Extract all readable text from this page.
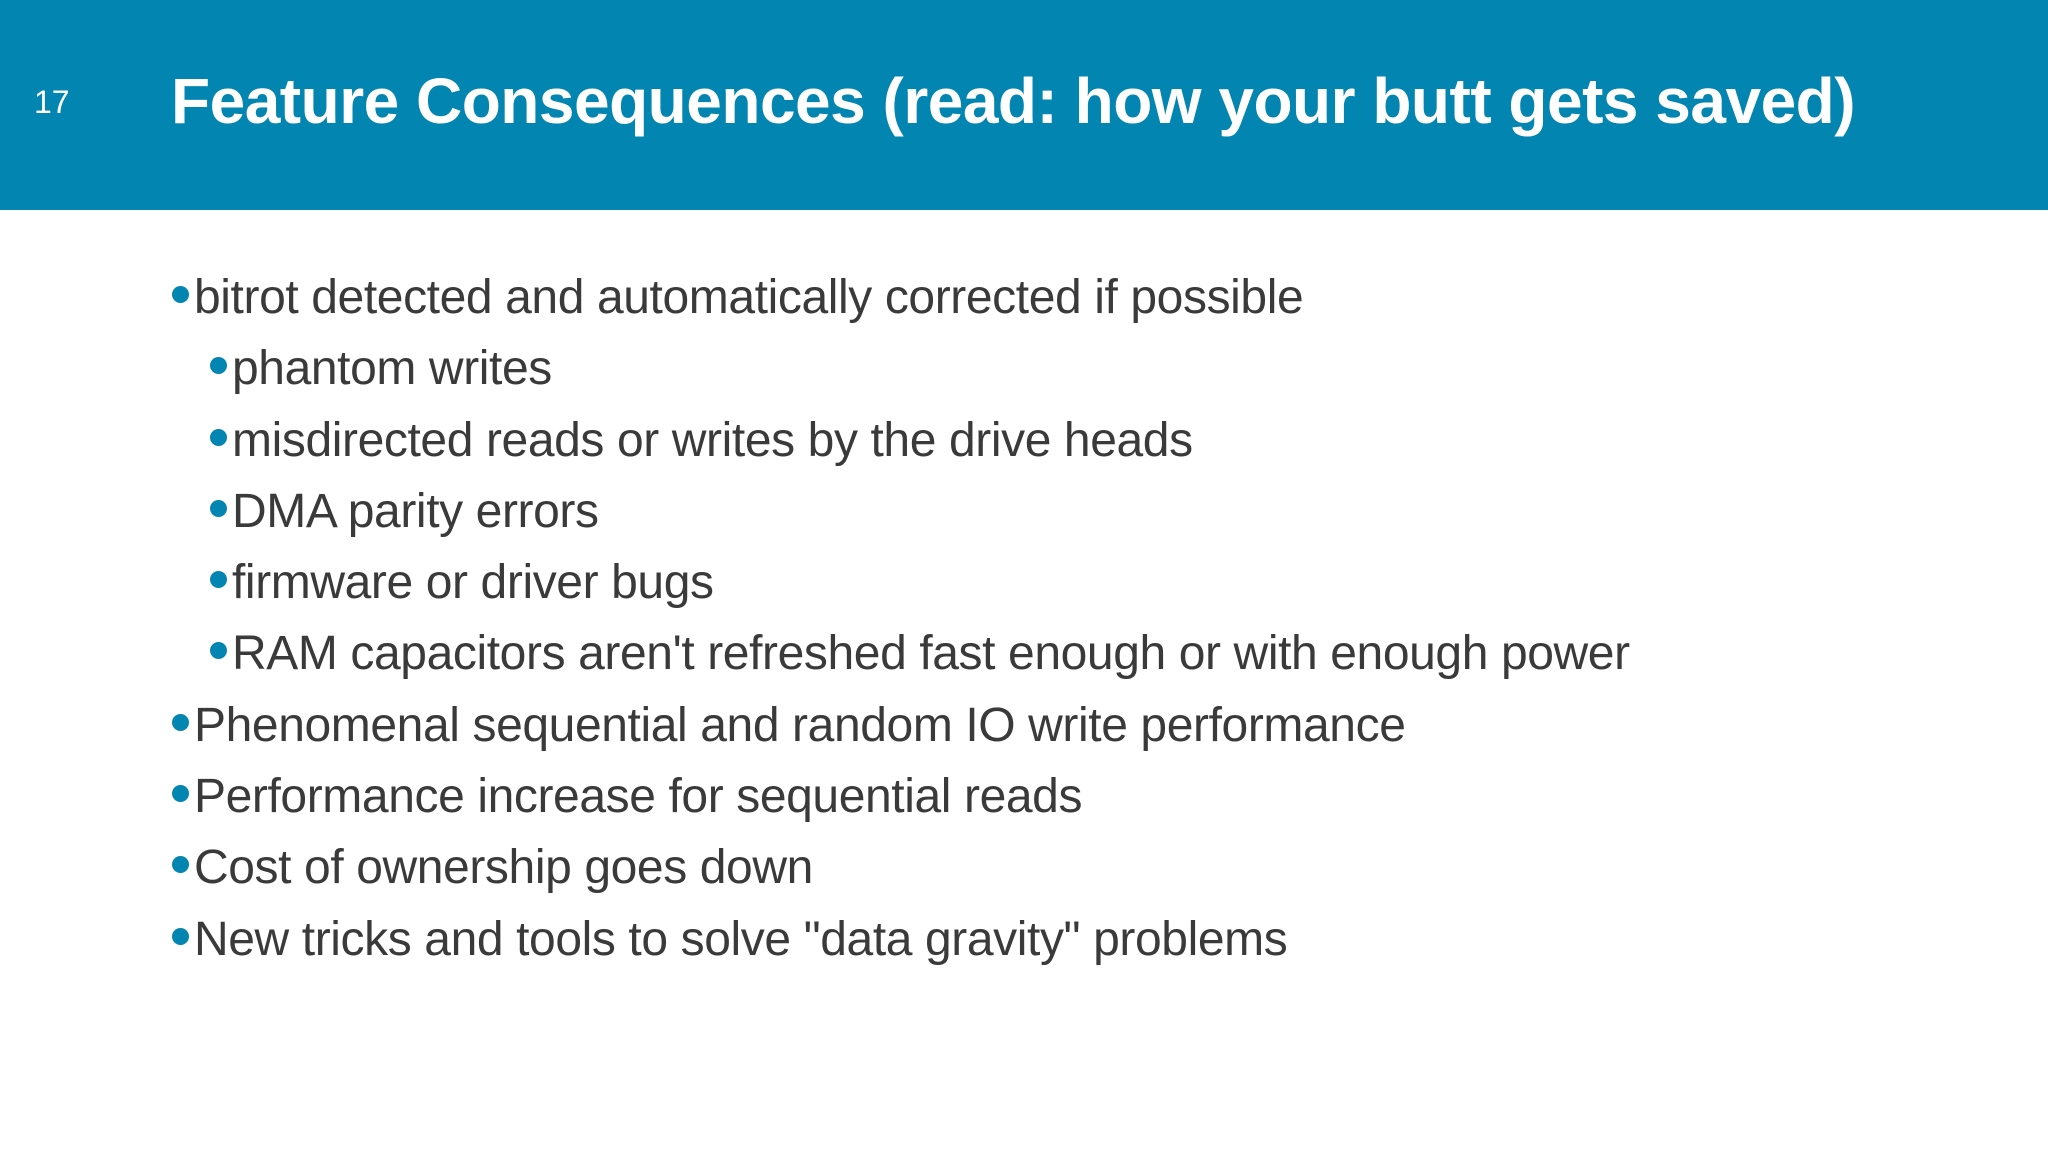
17 Feature Consequences (read: how your butt gets saved)
bitrot detected and automatically corrected if possible
phantom writes
misdirected reads or writes by the drive heads
DMA parity errors
firmware or driver bugs
RAM capacitors aren't refreshed fast enough or with enough power
Phenomenal sequential and random IO write performance
Performance increase for sequential reads
Cost of ownership goes down
New tricks and tools to solve "data gravity" problems
